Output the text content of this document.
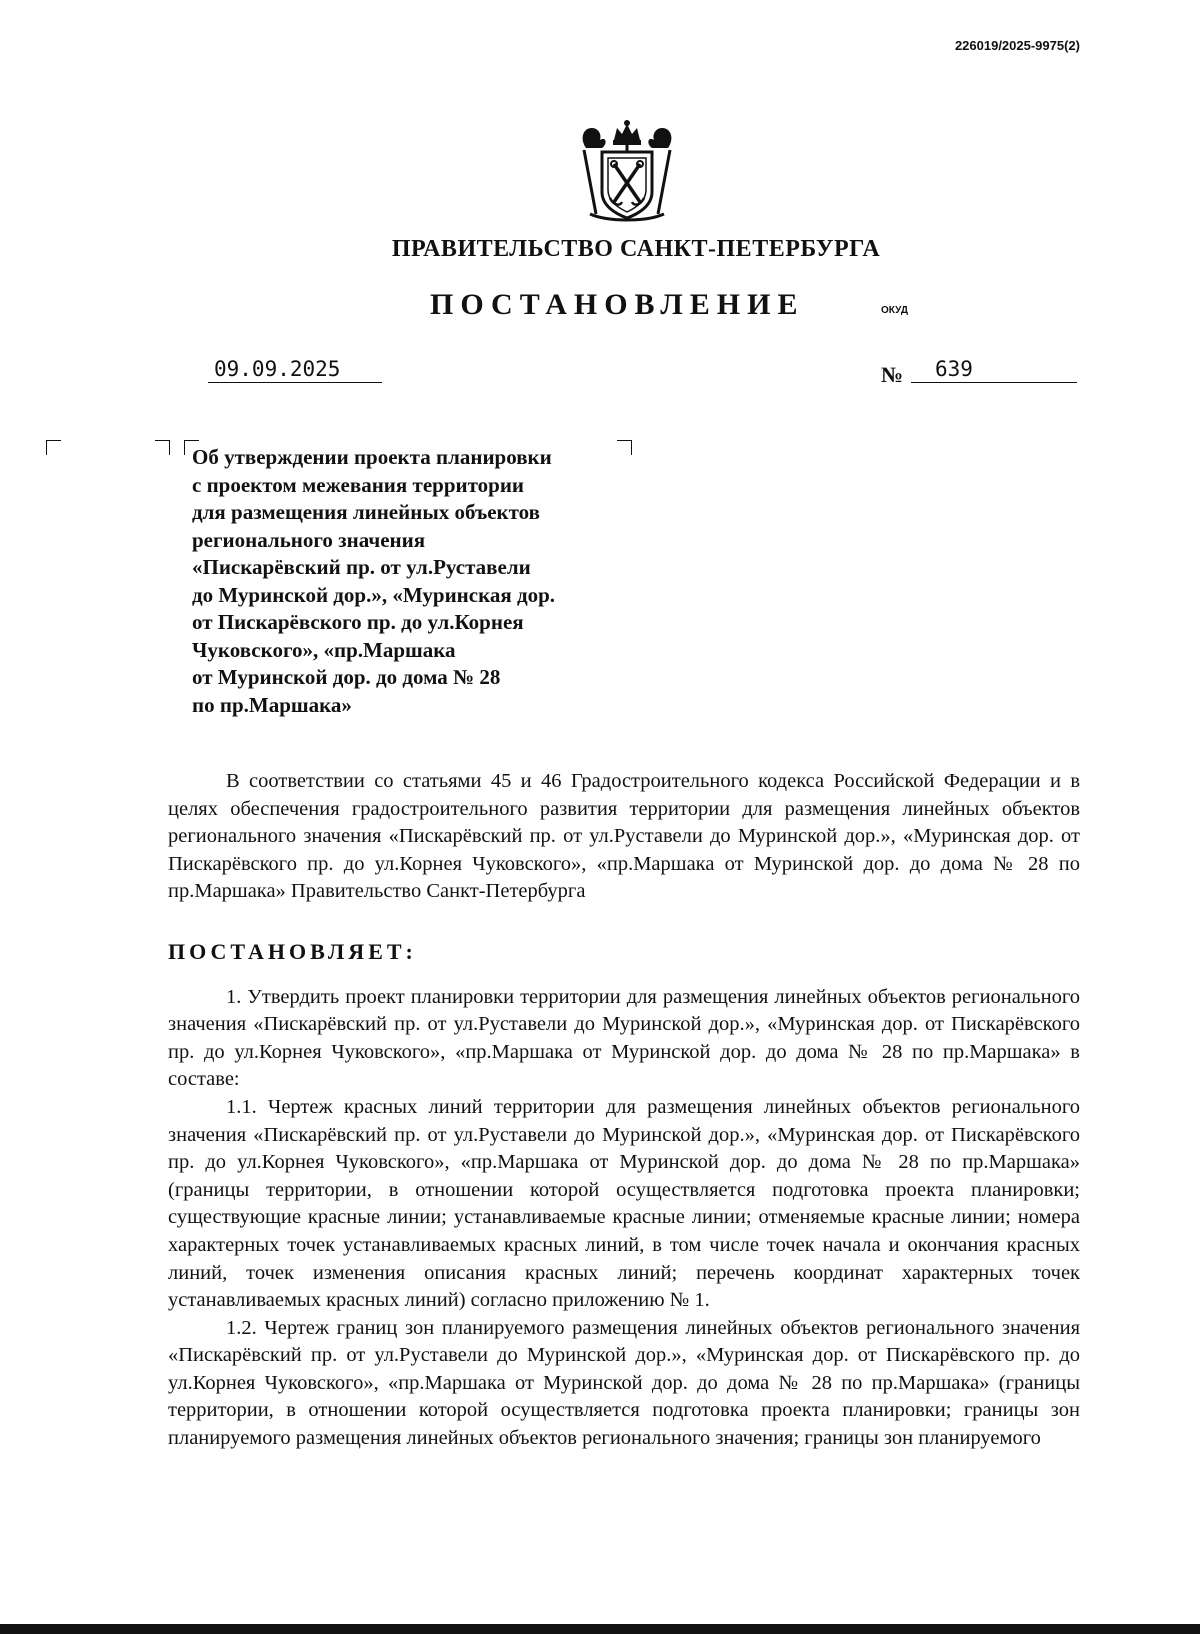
226019/2025-9975(2)
ПРАВИТЕЛЬСТВО САНКТ-ПЕТЕРБУРГА
ПОСТАНОВЛЕНИЕ	ОКУД
09.09.2025	№	639
Об утверждении проекта планировки
с проектом межевания территории
для размещения линейных объектов
регионального значения
«Пискарёвский пр. от ул.Руставели
до Муринской дор.», «Муринская дор.
от Пискарёвского пр. до ул.Корнея
Чуковского», «пр.Маршака
от Муринской дор. до дома № 28
по пр.Маршака»

В соответствии со статьями 45 и 46 Градостроительного кодекса Российской Федерации и в целях обеспечения градостроительного развития территории для размещения линейных объектов регионального значения «Пискарёвский пр. от ул.Руставели до Муринской дор.», «Муринская дор. от Пискарёвского пр. до ул.Корнея Чуковского», «пр.Маршака от Муринской дор. до дома № 28 по пр.Маршака» Правительство Санкт-Петербурга

ПОСТАНОВЛЯЕТ:

1. Утвердить проект планировки территории для размещения линейных объектов регионального значения «Пискарёвский пр. от ул.Руставели до Муринской дор.», «Муринская дор. от Пискарёвского пр. до ул.Корнея Чуковского», «пр.Маршака от Муринской дор. до дома № 28 по пр.Маршака» в составе:

1.1. Чертеж красных линий территории для размещения линейных объектов регионального значения «Пискарёвский пр. от ул.Руставели до Муринской дор.», «Муринская дор. от Пискарёвского пр. до ул.Корнея Чуковского», «пр.Маршака от Муринской дор. до дома № 28 по пр.Маршака» (границы территории, в отношении которой осуществляется подготовка проекта планировки; существующие красные линии; устанавливаемые красные линии; отменяемые красные линии; номера характерных точек устанавливаемых красных линий, в том числе точек начала и окончания красных линий, точек изменения описания красных линий; перечень координат характерных точек устанавливаемых красных линий) согласно приложению № 1.

1.2. Чертеж границ зон планируемого размещения линейных объектов регионального значения «Пискарёвский пр. от ул.Руставели до Муринской дор.», «Муринская дор. от Пискарёвского пр. до ул.Корнея Чуковского», «пр.Маршака от Муринской дор. до дома № 28 по пр.Маршака» (границы территории, в отношении которой осуществляется подготовка проекта планировки; границы зон планируемого размещения линейных объектов регионального значения; границы зон планируемого
